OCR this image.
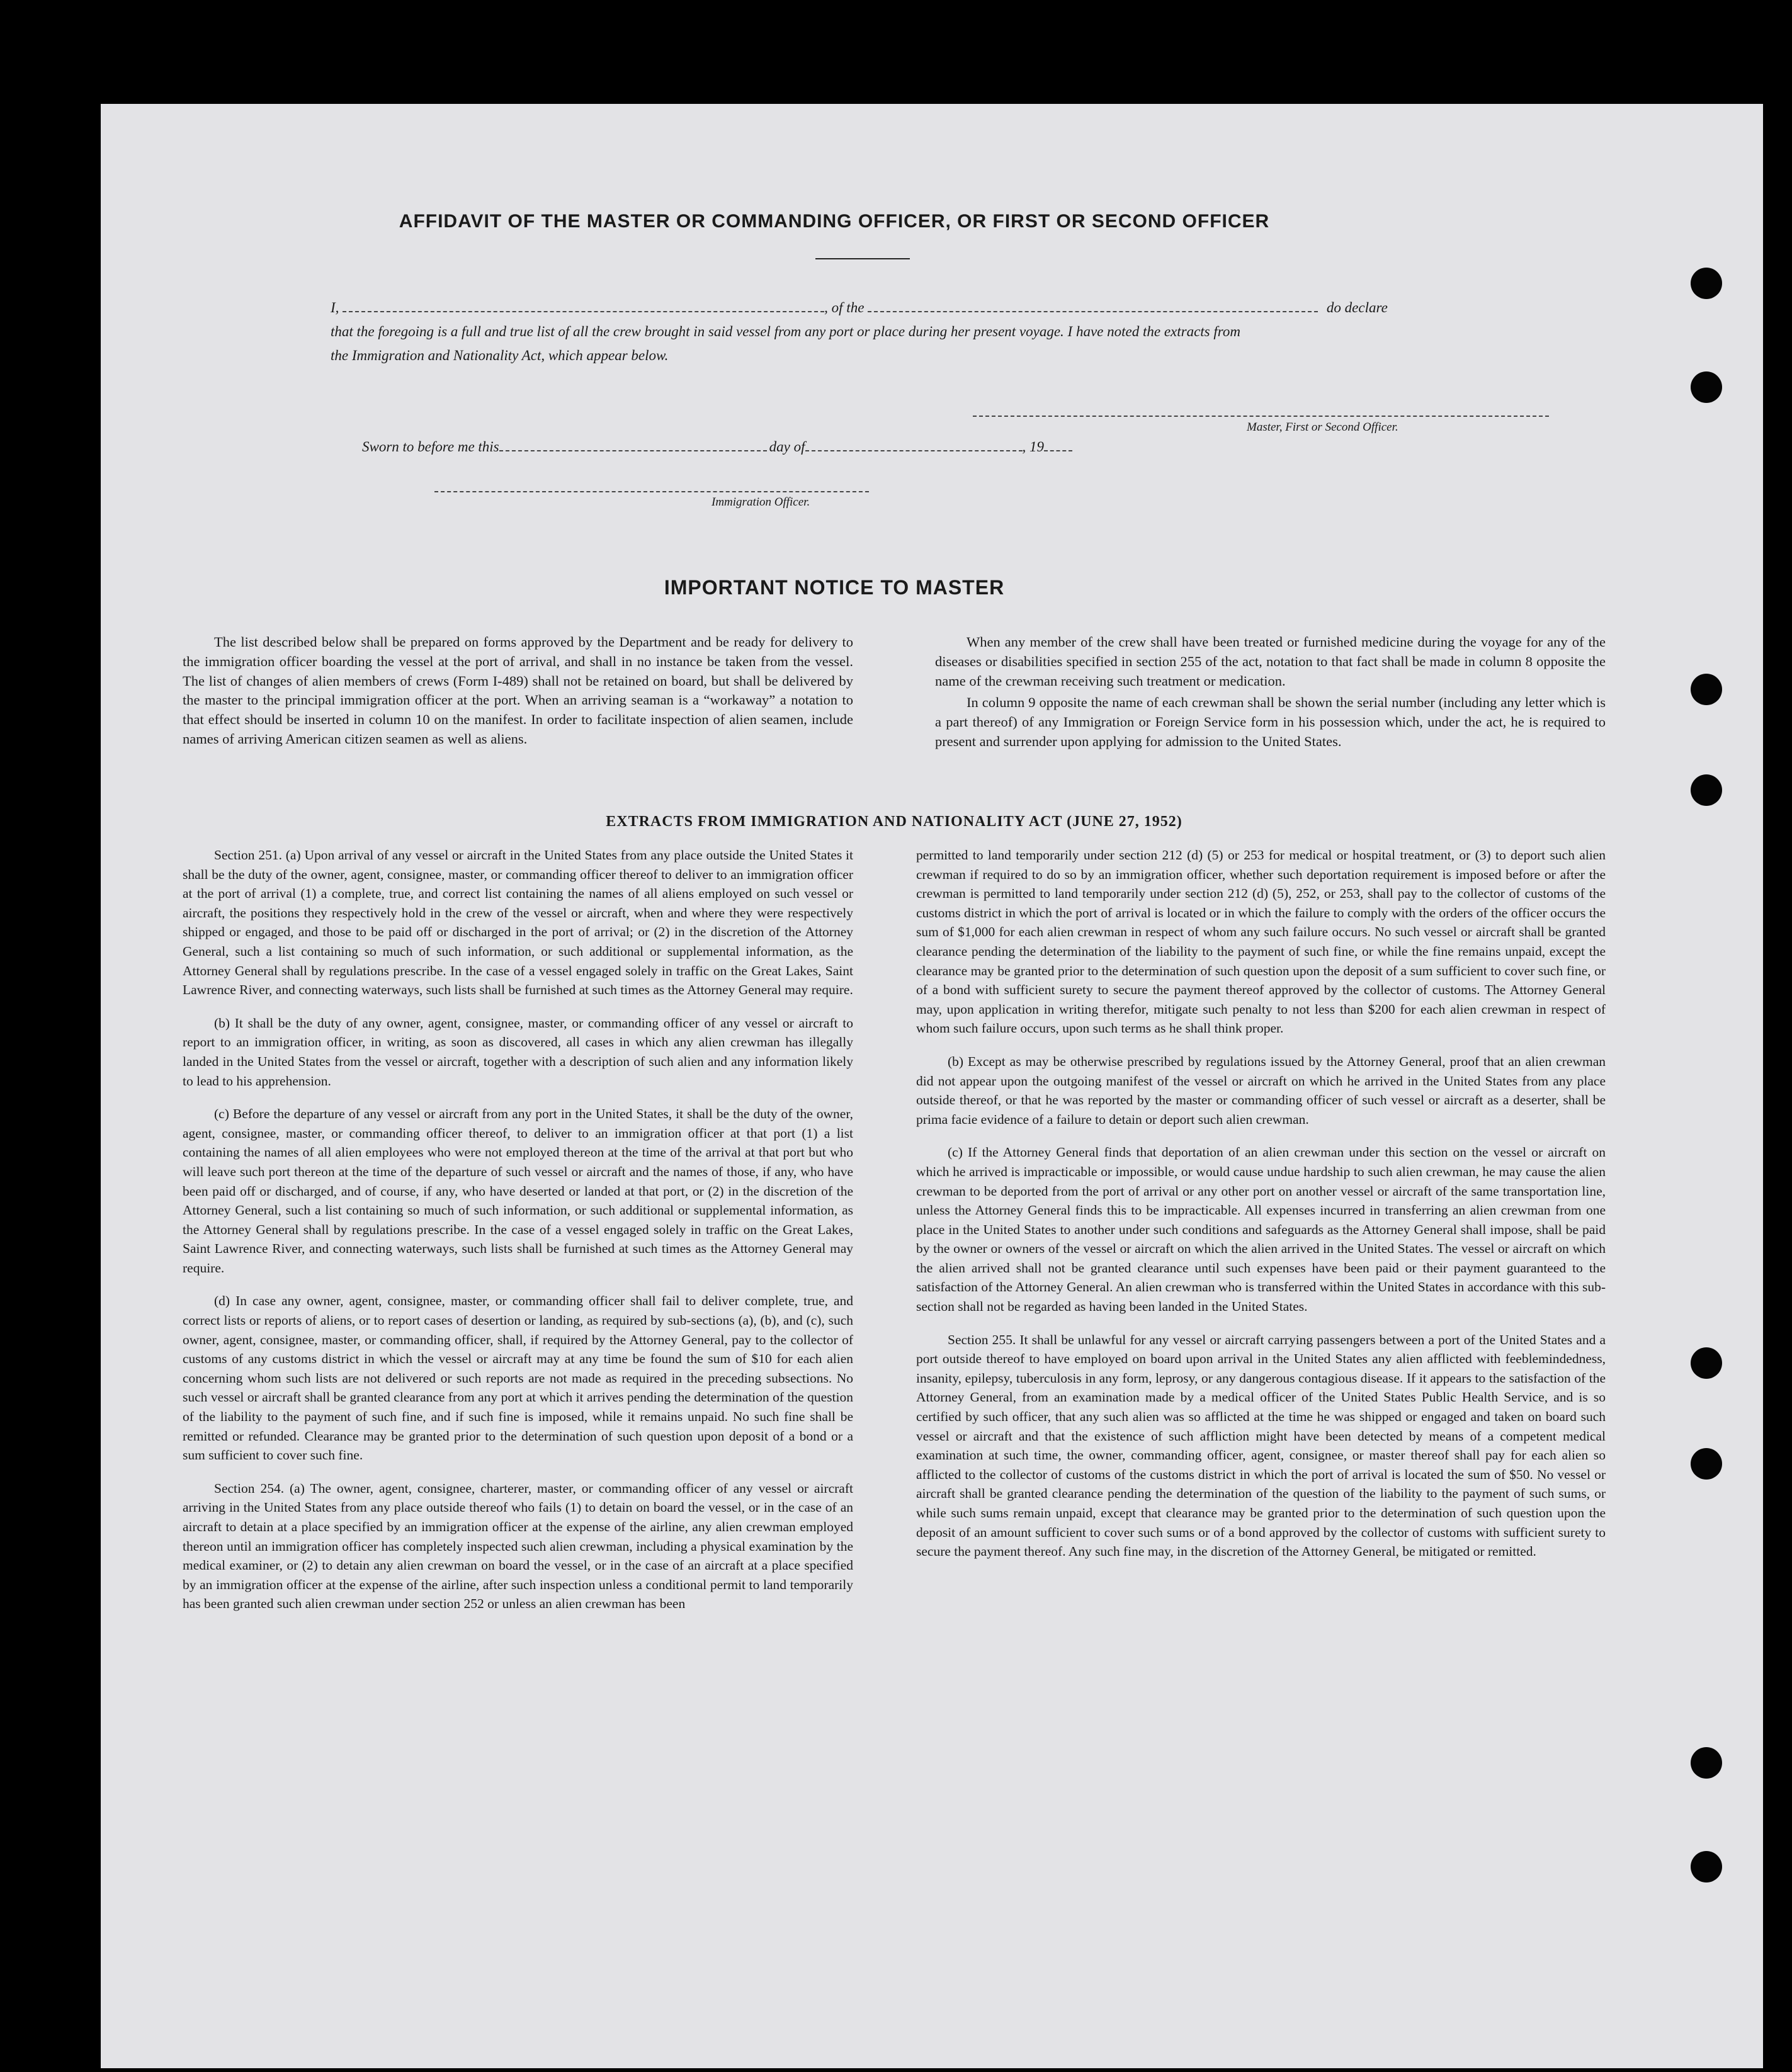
AFFIDAVIT OF THE MASTER OR COMMANDING OFFICER, OR FIRST OR SECOND OFFICER
I,	, of the	do declare
that the foregoing is a full and true list of all the crew brought in said vessel from any port or place during her present voyage. I have noted the extracts from
the Immigration and Nationality Act, which appear below.
Master, First or Second Officer.
Sworn to before me this	day of	, 19
Immigration Officer.
IMPORTANT NOTICE TO MASTER

The list described below shall be prepared on forms approved by the Department and be ready for delivery to the immigration officer boarding the vessel at the port of arrival, and shall in no instance be taken from the vessel. The list of changes of alien members of crews (Form I-489) shall not be retained on board, but shall be delivered by the master to the principal immigration officer at the port. When an arriving seaman is a “workaway” a notation to that effect should be inserted in column 10 on the manifest. In order to facilitate inspection of alien seamen, include names of arriving American citizen seamen as well as aliens.

When any member of the crew shall have been treated or furnished medicine during the voyage for any of the diseases or disabilities specified in section 255 of the act, notation to that fact shall be made in column 8 opposite the name of the crewman receiving such treatment or medication.

In column 9 opposite the name of each crewman shall be shown the serial number (including any letter which is a part thereof) of any Immigration or Foreign Service form in his possession which, under the act, he is required to present and surrender upon applying for admission to the United States.

EXTRACTS FROM IMMIGRATION AND NATIONALITY ACT (JUNE 27, 1952)

Section 251. (a) Upon arrival of any vessel or aircraft in the United States from any place outside the United States it shall be the duty of the owner, agent, consignee, master, or commanding officer thereof to deliver to an immigration officer at the port of arrival (1) a complete, true, and correct list containing the names of all aliens employed on such vessel or aircraft, the positions they respectively hold in the crew of the vessel or aircraft, when and where they were respectively shipped or engaged, and those to be paid off or discharged in the port of arrival; or (2) in the discretion of the Attorney General, such a list containing so much of such information, or such additional or supplemental information, as the Attorney General shall by regulations prescribe. In the case of a vessel engaged solely in traffic on the Great Lakes, Saint Lawrence River, and connecting waterways, such lists shall be furnished at such times as the Attorney General may require.

(b) It shall be the duty of any owner, agent, consignee, master, or commanding officer of any vessel or aircraft to report to an immigration officer, in writing, as soon as discovered, all cases in which any alien crewman has illegally landed in the United States from the vessel or aircraft, together with a description of such alien and any information likely to lead to his apprehension.

(c) Before the departure of any vessel or aircraft from any port in the United States, it shall be the duty of the owner, agent, consignee, master, or commanding officer thereof, to deliver to an immigration officer at that port (1) a list containing the names of all alien employees who were not employed thereon at the time of the arrival at that port but who will leave such port thereon at the time of the departure of such vessel or aircraft and the names of those, if any, who have been paid off or discharged, and of course, if any, who have deserted or landed at that port, or (2) in the discretion of the Attorney General, such a list containing so much of such information, or such additional or supplemental information, as the Attorney General shall by regulations prescribe. In the case of a vessel engaged solely in traffic on the Great Lakes, Saint Lawrence River, and connecting waterways, such lists shall be furnished at such times as the Attorney General may require.

(d) In case any owner, agent, consignee, master, or commanding officer shall fail to deliver complete, true, and correct lists or reports of aliens, or to report cases of desertion or landing, as required by sub-sections (a), (b), and (c), such owner, agent, consignee, master, or commanding officer, shall, if required by the Attorney General, pay to the collector of customs of any customs district in which the vessel or aircraft may at any time be found the sum of $10 for each alien concerning whom such lists are not delivered or such reports are not made as required in the preceding subsections. No such vessel or aircraft shall be granted clearance from any port at which it arrives pending the determination of the question of the liability to the payment of such fine, and if such fine is imposed, while it remains unpaid. No such fine shall be remitted or refunded. Clearance may be granted prior to the determination of such question upon deposit of a bond or a sum sufficient to cover such fine.

Section 254. (a) The owner, agent, consignee, charterer, master, or commanding officer of any vessel or aircraft arriving in the United States from any place outside thereof who fails (1) to detain on board the vessel, or in the case of an aircraft to detain at a place specified by an immigration officer at the expense of the airline, any alien crewman employed thereon until an immigration officer has completely inspected such alien crewman, including a physical examination by the medical examiner, or (2) to detain any alien crewman on board the vessel, or in the case of an aircraft at a place specified by an immigration officer at the expense of the airline, after such inspection unless a conditional permit to land temporarily has been granted such alien crewman under section 252 or unless an alien crewman has been

permitted to land temporarily under section 212 (d) (5) or 253 for medical or hospital treatment, or (3) to deport such alien crewman if required to do so by an immigration officer, whether such deportation requirement is imposed before or after the crewman is permitted to land temporarily under section 212 (d) (5), 252, or 253, shall pay to the collector of customs of the customs district in which the port of arrival is located or in which the failure to comply with the orders of the officer occurs the sum of $1,000 for each alien crewman in respect of whom any such failure occurs. No such vessel or aircraft shall be granted clearance pending the determination of the liability to the payment of such fine, or while the fine remains unpaid, except the clearance may be granted prior to the determination of such question upon the deposit of a sum sufficient to cover such fine, or of a bond with sufficient surety to secure the payment thereof approved by the collector of customs. The Attorney General may, upon application in writing therefor, mitigate such penalty to not less than $200 for each alien crewman in respect of whom such failure occurs, upon such terms as he shall think proper.

(b) Except as may be otherwise prescribed by regulations issued by the Attorney General, proof that an alien crewman did not appear upon the outgoing manifest of the vessel or aircraft on which he arrived in the United States from any place outside thereof, or that he was reported by the master or commanding officer of such vessel or aircraft as a deserter, shall be prima facie evidence of a failure to detain or deport such alien crewman.

(c) If the Attorney General finds that deportation of an alien crewman under this section on the vessel or aircraft on which he arrived is impracticable or impossible, or would cause undue hardship to such alien crewman, he may cause the alien crewman to be deported from the port of arrival or any other port on another vessel or aircraft of the same transportation line, unless the Attorney General finds this to be impracticable. All expenses incurred in transferring an alien crewman from one place in the United States to another under such conditions and safeguards as the Attorney General shall impose, shall be paid by the owner or owners of the vessel or aircraft on which the alien arrived in the United States. The vessel or aircraft on which the alien arrived shall not be granted clearance until such expenses have been paid or their payment guaranteed to the satisfaction of the Attorney General. An alien crewman who is transferred within the United States in accordance with this sub-section shall not be regarded as having been landed in the United States.

Section 255. It shall be unlawful for any vessel or aircraft carrying passengers between a port of the United States and a port outside thereof to have employed on board upon arrival in the United States any alien afflicted with feeblemindedness, insanity, epilepsy, tuberculosis in any form, leprosy, or any dangerous contagious disease. If it appears to the satisfaction of the Attorney General, from an examination made by a medical officer of the United States Public Health Service, and is so certified by such officer, that any such alien was so afflicted at the time he was shipped or engaged and taken on board such vessel or aircraft and that the existence of such affliction might have been detected by means of a competent medical examination at such time, the owner, commanding officer, agent, consignee, or master thereof shall pay for each alien so afflicted to the collector of customs of the customs district in which the port of arrival is located the sum of $50. No vessel or aircraft shall be granted clearance pending the determination of the question of the liability to the payment of such sums, or while such sums remain unpaid, except that clearance may be granted prior to the determination of such question upon the deposit of an amount sufficient to cover such sums or of a bond approved by the collector of customs with sufficient surety to secure the payment thereof. Any such fine may, in the discretion of the Attorney General, be mitigated or remitted.
